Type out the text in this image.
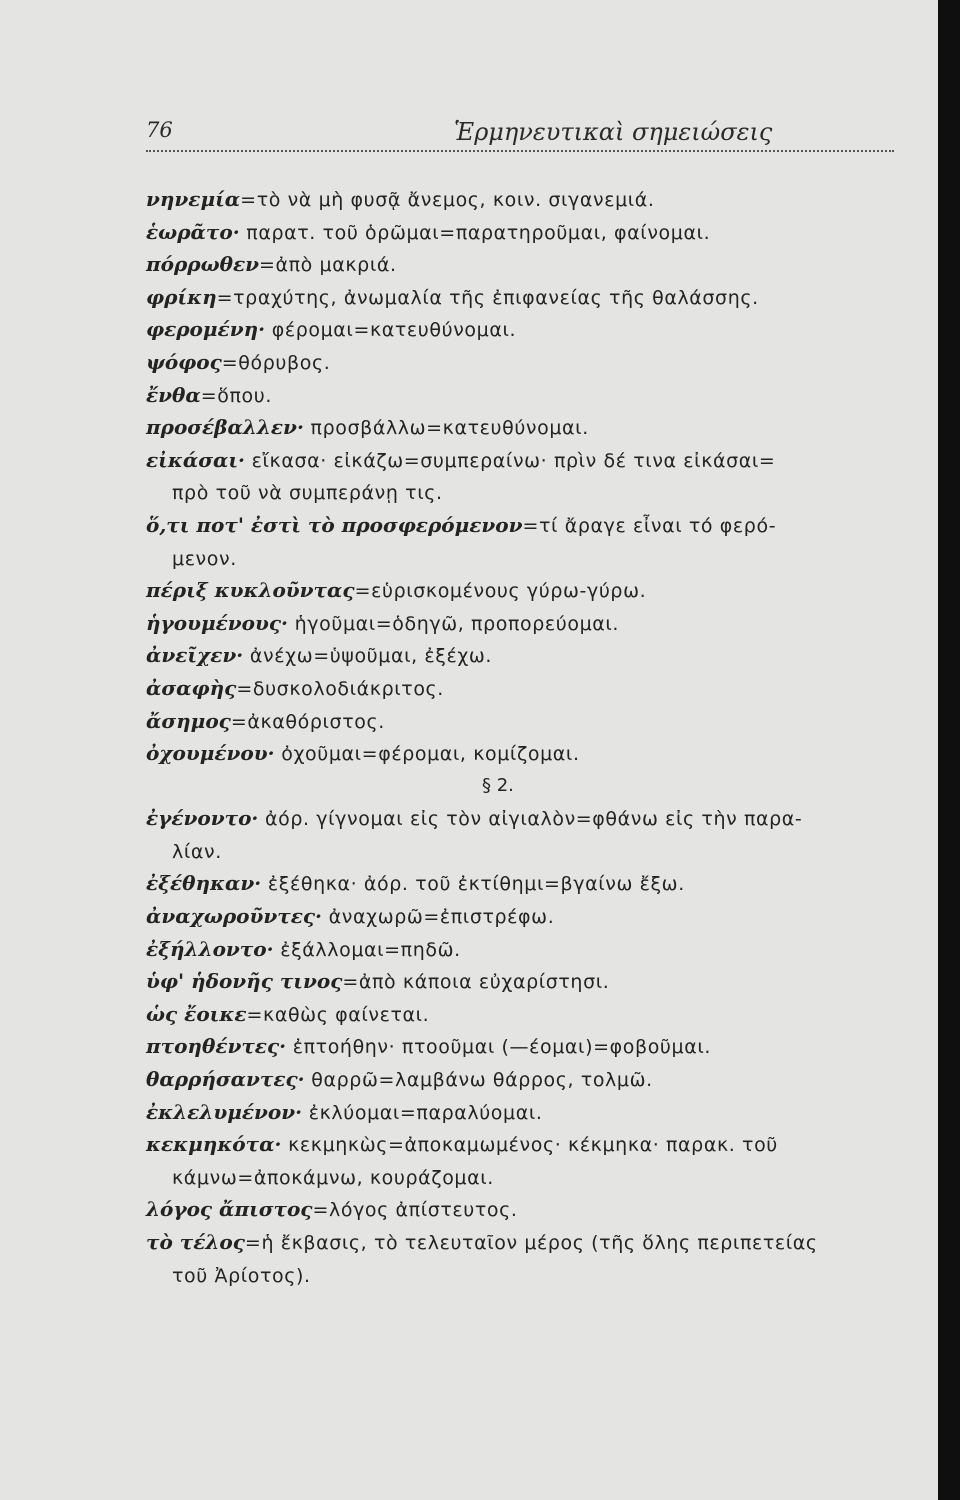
76	Ἑρμηνευτικαὶ σημειώσεις
νηνεμία=τὸ νὰ μὴ φυσᾷ ἄνεμος, κοιν. σιγανεμιά.
ἑωρᾶτο· παρατ. τοῦ ὁρῶμαι=παρατηροῦμαι, φαίνομαι.
πόρρωθεν=ἀπὸ μακριά.
φρίκη=τραχύτης, ἀνωμαλία τῆς ἐπιφανείας τῆς θαλάσσης.
φερομένη· φέρομαι=κατευθύνομαι.
ψόφος=θόρυβος.
ἔνθα=ὅπου.
προσέβαλλεν· προσβάλλω=κατευθύνομαι.
εἰκάσαι· εἴκασα· εἰκάζω=συμπεραίνω· πρὶν δέ τινα εἰκάσαι=
πρὸ τοῦ νὰ συμπεράνῃ τις.
ὅ,τι ποτ' ἐστὶ τὸ προσφερόμενον=τί ἄραγε εἶναι τό φερό-
μενον.
πέριξ κυκλοῦντας=εὑρισκομένους γύρω-γύρω.
ἡγουμένους· ἡγοῦμαι=ὁδηγῶ, προπορεύομαι.
ἀνεῖχεν· ἀνέχω=ὑψοῦμαι, ἐξέχω.
ἀσαφὴς=δυσκολοδιάκριτος.
ἄσημος=ἀκαθόριστος.
ὀχουμένου· ὀχοῦμαι=φέρομαι, κομίζομαι.
§ 2.
ἐγένοντο· ἀόρ. γίγνομαι εἰς τὸν αἰγιαλὸν=φθάνω εἰς τὴν παρα-
λίαν.
ἐξέθηκαν· ἐξέθηκα· ἀόρ. τοῦ ἐκτίθημι=βγαίνω ἔξω.
ἀναχωροῦντες· ἀναχωρῶ=ἐπιστρέφω.
ἐξήλλοντο· ἐξάλλομαι=πηδῶ.
ὑφ' ἡδονῆς τινος=ἀπὸ κάποια εὐχαρίστησι.
ὡς ἔοικε=καθὼς φαίνεται.
πτοηθέντες· ἐπτοήθην· πτοοῦμαι (—έομαι)=φοβοῦμαι.
θαρρήσαντες· θαρρῶ=λαμβάνω θάρρος, τολμῶ.
ἐκλελυμένον· ἐκλύομαι=παραλύομαι.
κεκμηκότα· κεκμηκὼς=ἀποκαμωμένος· κέκμηκα· παρακ. τοῦ
κάμνω=ἀποκάμνω, κουράζομαι.
λόγος ἄπιστος=λόγος ἀπίστευτος.
τὸ τέλος=ἡ ἔκβασις, τὸ τελευταῖον μέρος (τῆς ὅλης περιπετείας
τοῦ Ἀρίοτος).
